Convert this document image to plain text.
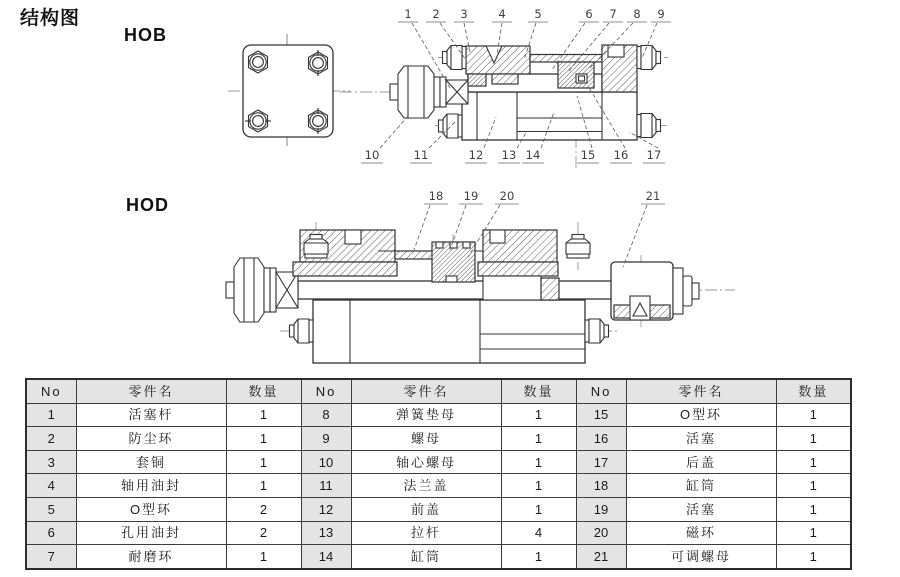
结构图
HOB
HOD
1 2 3	4 5	6 7 8 9
10	11	12 13 14	15 16 17
18 19 20	21
No	零件名	数量	No	零件名	数量	No	零件名	数量
1	活塞杆	1	8	弹簧垫母	1	15	O型环	1
2	防尘环	1	9	螺母	1	16	活塞	1
3	套铜	1	10	轴心螺母	1	17	后盖	1
4	轴用油封	1	11	法兰盖	1	18	缸筒	1
5	O型环	2	12	前盖	1	19	活塞	1
6	孔用油封	2	13	拉杆	4	20	磁环	1
7	耐磨环	1	14	缸筒	1	21	可调螺母	1
